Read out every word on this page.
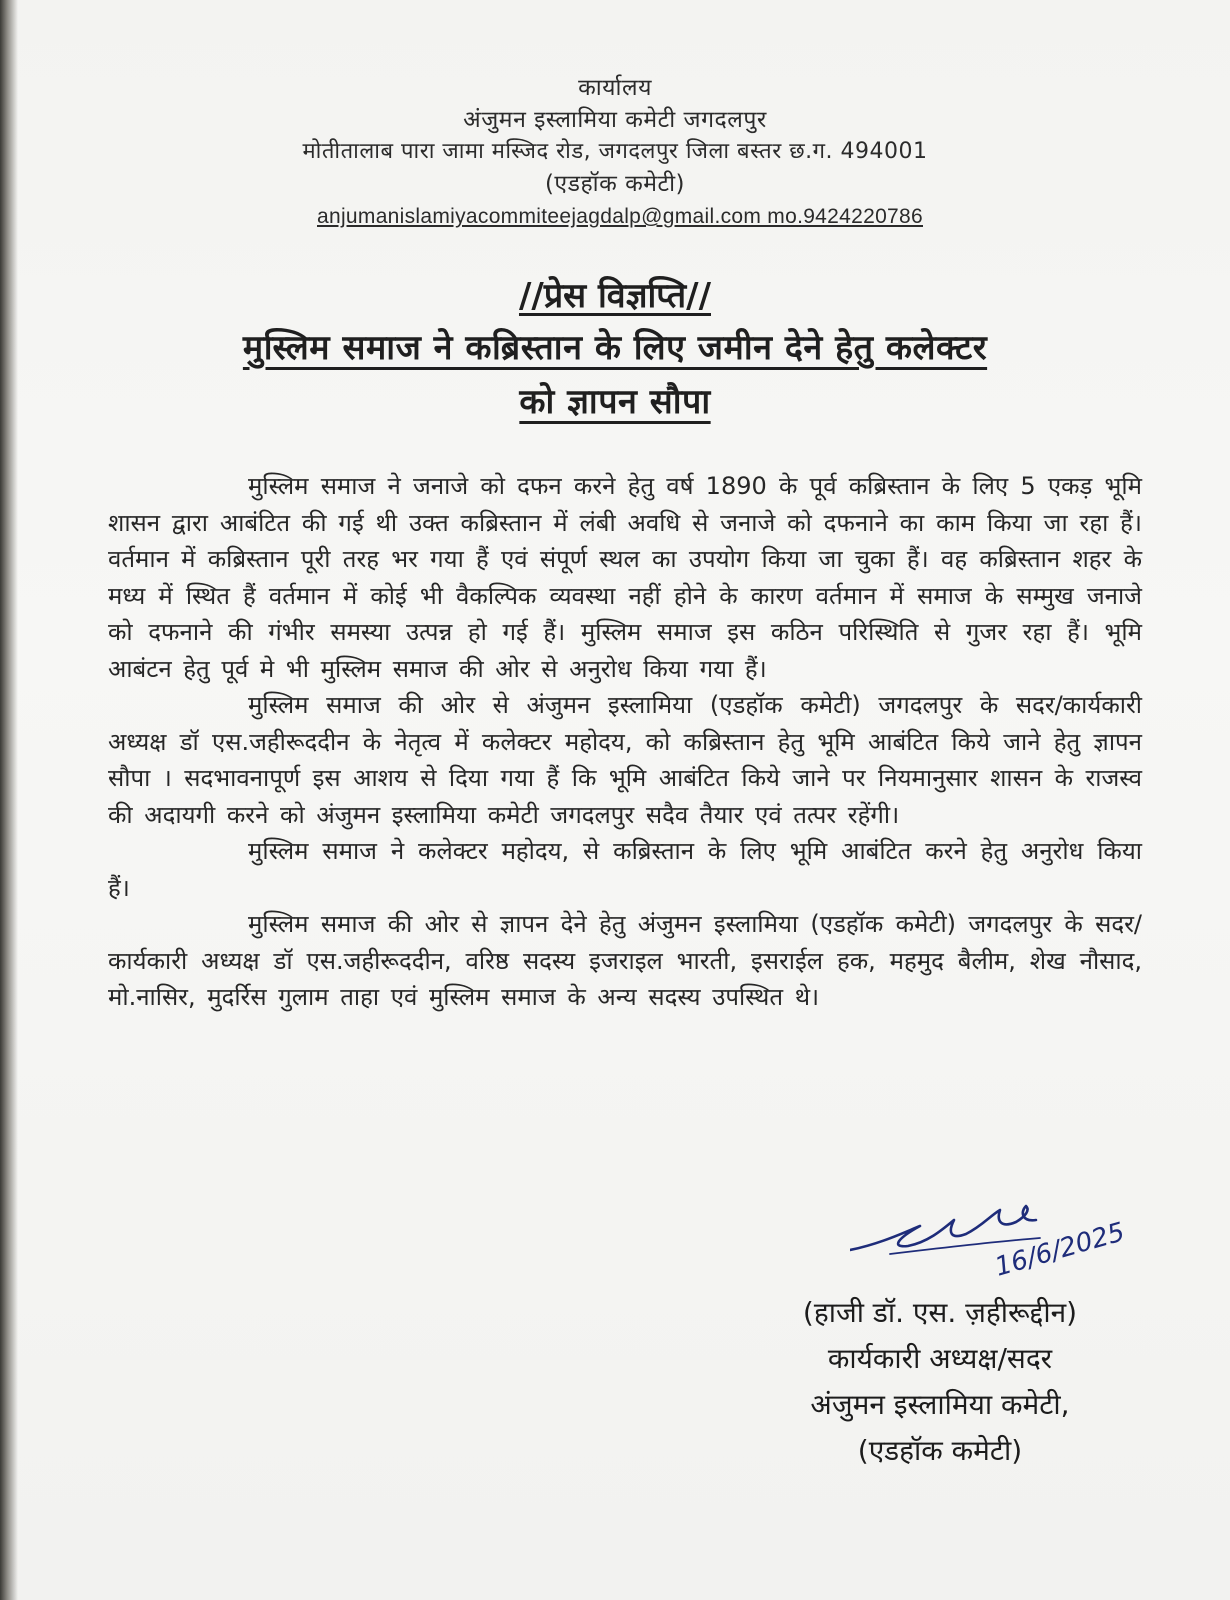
कार्यालय
अंजुमन इस्लामिया कमेटी जगदलपुर
मोतीतालाब पारा जामा मस्जिद रोड, जगदलपुर जिला बस्तर छ.ग. 494001
(एडहॉक कमेटी)
anjumanislamiyacommiteejagdalp@gmail.com mo.9424220786
//प्रेस विज्ञप्ति//
मुस्लिम समाज ने कब्रिस्तान के लिए जमीन देने हेतु कलेक्टर
को ज्ञापन सौपा

मुस्लिम समाज ने जनाजे को दफन करने हेतु वर्ष 1890 के पूर्व कब्रिस्तान के लिए 5 एकड़ भूमि शासन द्वारा आबंटित की गई थी उक्त कब्रिस्तान में लंबी अवधि से जनाजे को दफनाने का काम किया जा रहा हैं। वर्तमान में कब्रिस्तान पूरी तरह भर गया हैं एवं संपूर्ण स्थल का उपयोग किया जा चुका हैं। वह कब्रिस्तान शहर के मध्य में स्थित हैं वर्तमान में कोई भी वैकल्पिक व्यवस्था नहीं होने के कारण वर्तमान में समाज के सम्मुख जनाजे को दफनाने की गंभीर समस्या उत्पन्न हो गई हैं। मुस्लिम समाज इस कठिन परिस्थिति से गुजर रहा हैं। भूमि आबंटन हेतु पूर्व मे भी मुस्लिम समाज की ओर से अनुरोध किया गया हैं।

मुस्लिम समाज की ओर से अंजुमन इस्लामिया (एडहॉक कमेटी) जगदलपुर के सदर/कार्यकारी अध्यक्ष डॉ एस.जहीरूददीन के नेतृत्व में कलेक्टर महोदय, को कब्रिस्तान हेतु भूमि आबंटित किये जाने हेतु ज्ञापन सौपा । सदभावनापूर्ण इस आशय से दिया गया हैं कि भूमि आबंटित किये जाने पर नियमानुसार शासन के राजस्व की अदायगी करने को अंजुमन इस्लामिया कमेटी जगदलपुर सदैव तैयार एवं तत्पर रहेंगी।

मुस्लिम समाज ने कलेक्टर महोदय, से कब्रिस्तान के लिए भूमि आबंटित करने हेतु अनुरोध किया हैं।

मुस्लिम समाज की ओर से ज्ञापन देने हेतु अंजुमन इस्लामिया (एडहॉक कमेटी) जगदलपुर के सदर/कार्यकारी अध्यक्ष डॉ एस.जहीरूददीन, वरिष्ठ सदस्य इजराइल भारती, इसराईल हक, महमुद बैलीम, शेख नौसाद, मो.नासिर, मुदर्रिस गुलाम ताहा एवं मुस्लिम समाज के अन्य सदस्य उपस्थित थे।

16/6/2025
(हाजी डॉ. एस. ज़हीरूद्दीन)
कार्यकारी अध्यक्ष/सदर
अंजुमन इस्लामिया कमेटी,
(एडहॉक कमेटी)
